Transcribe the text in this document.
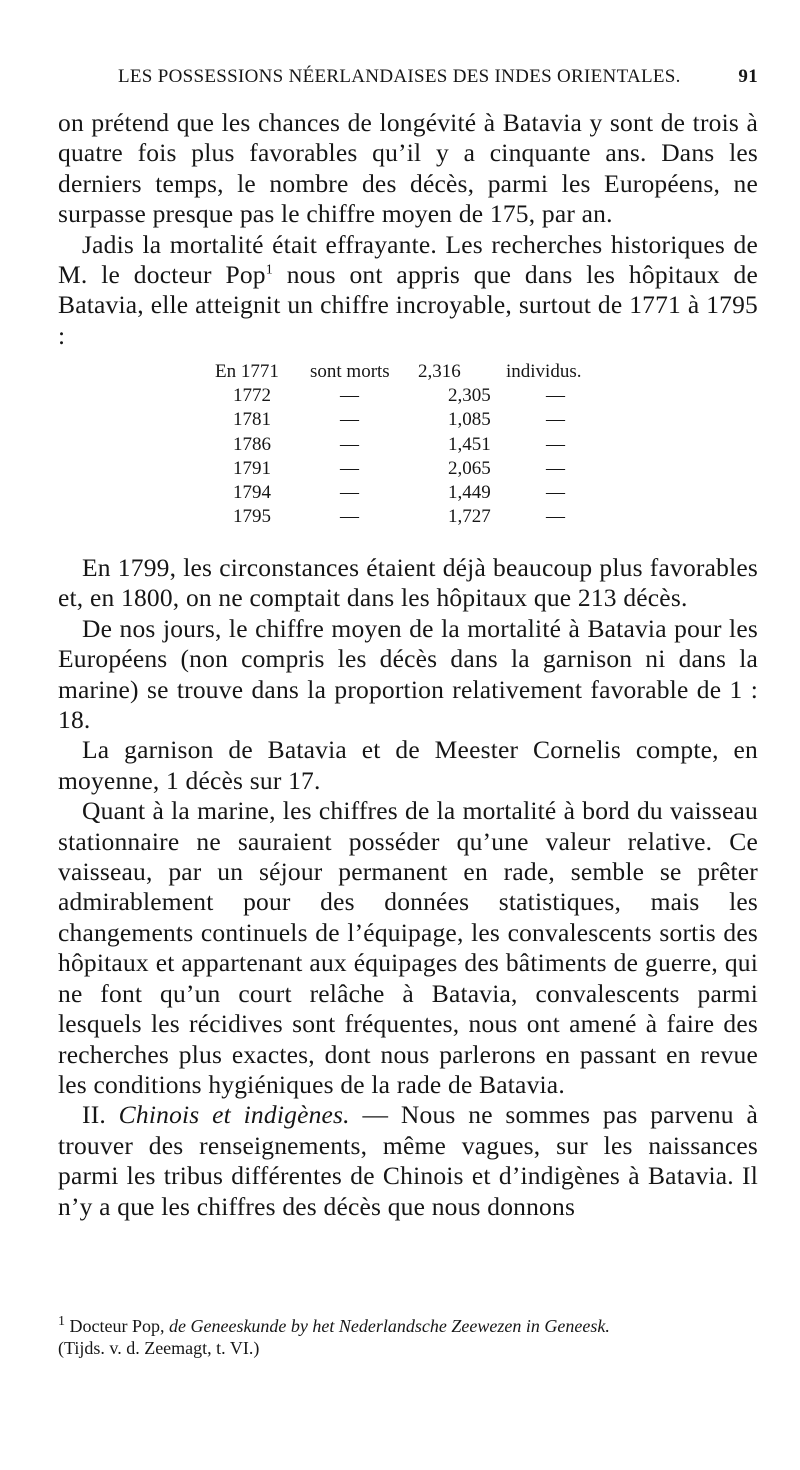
LES POSSESSIONS NÉERLANDAISES DES INDES ORIENTALES.	91

on prétend que les chances de longévité à Batavia y sont de trois à quatre fois plus favorables qu’il y a cinquante ans. Dans les derniers temps, le nombre des décès, parmi les Européens, ne surpasse presque pas le chiffre moyen de 175, par an.

Jadis la mortalité était effrayante. Les recherches historiques de M. le docteur Pop$^1$ nous ont appris que dans les hôpitaux de Batavia, elle atteignit un chiffre incroyable, surtout de 1771 à 1795 :

En 1771	sont morts	2,316	individus.
1772	—	2,305	—
1781	—	1,085	—
1786	—	1,451	—
1791	—	2,065	—
1794	—	1,449	—
1795	—	1,727	—

En 1799, les circonstances étaient déjà beaucoup plus favorables et, en 1800, on ne comptait dans les hôpitaux que 213 décès.

De nos jours, le chiffre moyen de la mortalité à Batavia pour les Européens (non compris les décès dans la garnison ni dans la marine) se trouve dans la proportion relativement favorable de 1 : 18.

La garnison de Batavia et de Meester Cornelis compte, en moyenne, 1 décès sur 17.

Quant à la marine, les chiffres de la mortalité à bord du vaisseau stationnaire ne sauraient posséder qu’une valeur relative. Ce vaisseau, par un séjour permanent en rade, semble se prêter admirablement pour des données statistiques, mais les changements continuels de l’équipage, les convalescents sortis des hôpitaux et appartenant aux équipages des bâtiments de guerre, qui ne font qu’un court relâche à Batavia, convalescents parmi lesquels les récidives sont fréquentes, nous ont amené à faire des recherches plus exactes, dont nous parlerons en passant en revue les conditions hygiéniques de la rade de Batavia.

II. Chinois et indigènes. — Nous ne sommes pas parvenu à trouver des renseignements, même vagues, sur les naissances parmi les tribus différentes de Chinois et d’indigènes à Batavia. Il n’y a que les chiffres des décès que nous donnons

$^1$ Docteur Pop, de Geneeskunde by het Nederlandsche Zeewezen in Geneesk.
(Tijds. v. d. Zeemagt, t. VI.)
